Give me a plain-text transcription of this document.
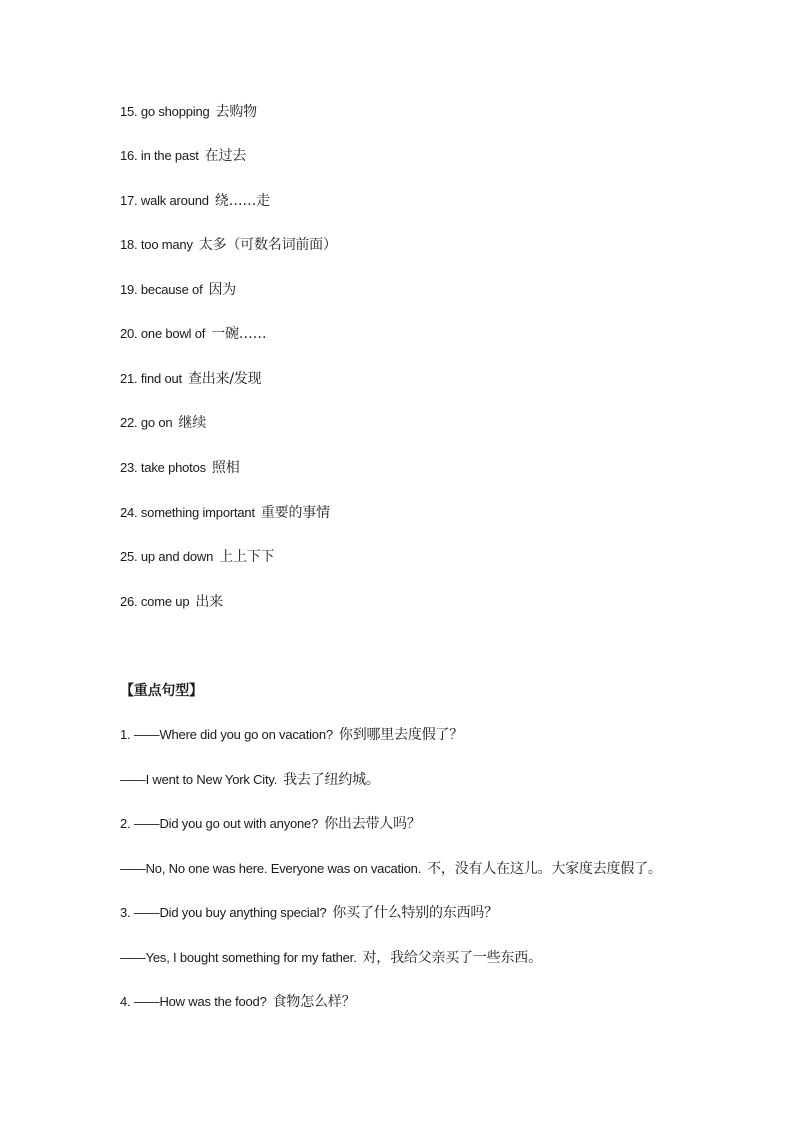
15. go shopping 去购物
16. in the past 在过去
17. walk around 绕……走
18. too many 太多（可数名词前面）
19. because of 因为
20. one bowl of 一碗……
21. find out 查出来/发现
22. go on 继续
23. take photos 照相
24. something important 重要的事情
25. up and down 上上下下
26. come up 出来
【重点句型】
1. ——Where did you go on vacation? 你到哪里去度假了？
——I went to New York City. 我去了纽约城。
2. ——Did you go out with anyone? 你出去带人吗？
——No, No one was here. Everyone was on vacation. 不，没有人在这儿。大家度去度假了。
3. ——Did you buy anything special? 你买了什么特别的东西吗？
——Yes, I bought something for my father. 对，我给父亲买了一些东西。
4. ——How was the food? 食物怎么样？
